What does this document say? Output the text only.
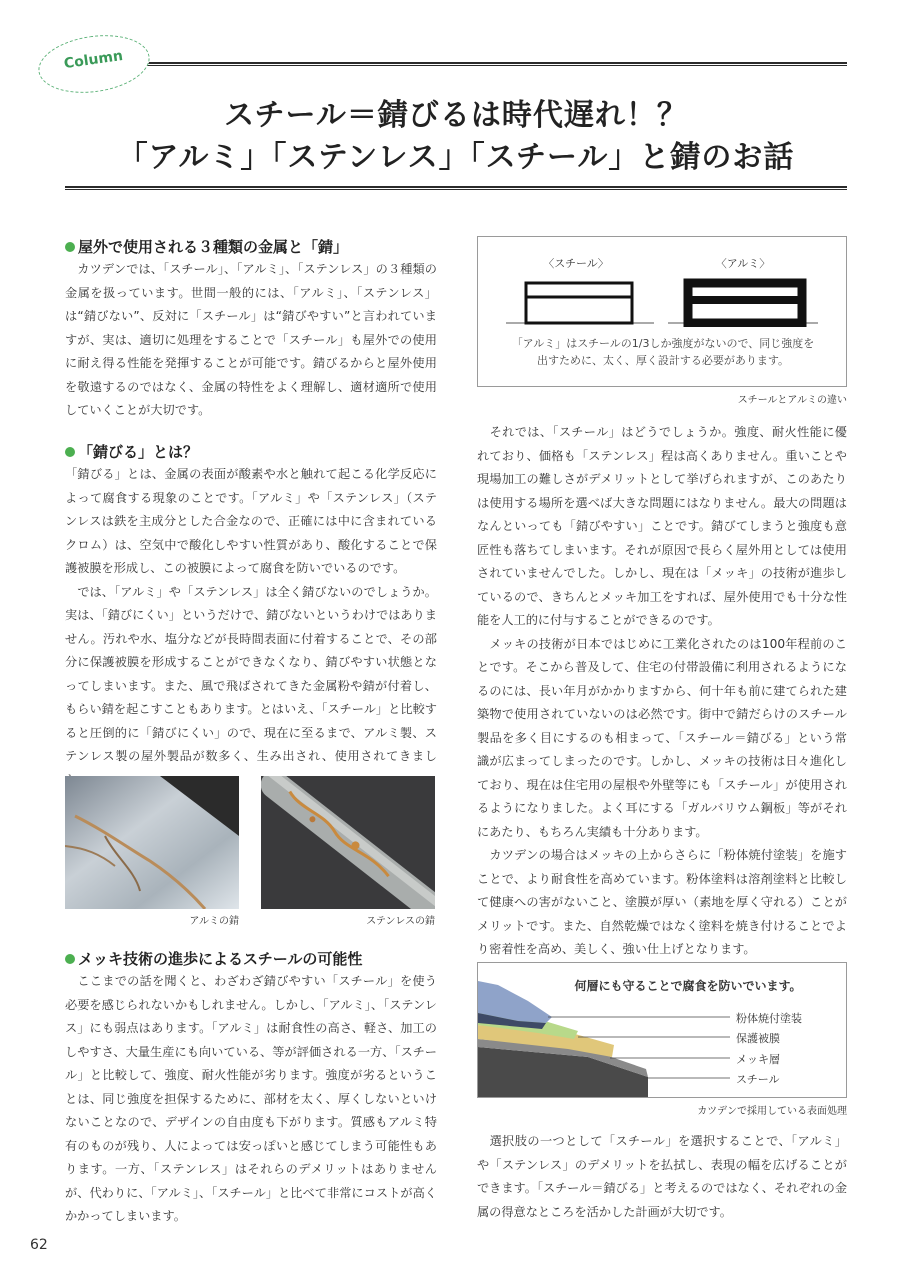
Column
スチール＝錆びるは時代遅れ！？
「アルミ」「ステンレス」「スチール」と錆のお話
屋外で使用される３種類の金属と「錆」

　カツデンでは、「スチール」、「アルミ」、「ステンレス」の３種類の金属を扱っています。世間一般的には、「アルミ」、「ステンレス」は“錆びない”、反対に「スチール」は“錆びやすい”と言われていますが、実は、適切に処理をすることで「スチール」も屋外での使用に耐え得る性能を発揮することが可能です。錆びるからと屋外使用を敬遠するのではなく、金属の特性をよく理解し、適材適所で使用していくことが大切です。

「錆びる」とは？

「錆びる」とは、金属の表面が酸素や水と触れて起こる化学反応によって腐食する現象のことです。「アルミ」や「ステンレス」（ステンレスは鉄を主成分とした合金なので、正確には中に含まれているクロム）は、空気中で酸化しやすい性質があり、酸化することで保護被膜を形成し、この被膜によって腐食を防いでいるのです。

　では、「アルミ」や「ステンレス」は全く錆びないのでしょうか。実は、「錆びにくい」というだけで、錆びないというわけではありません。汚れや水、塩分などが長時間表面に付着することで、その部分に保護被膜を形成することができなくなり、錆びやすい状態となってしまいます。また、風で飛ばされてきた金属粉や錆が付着し、もらい錆を起こすこともあります。とはいえ、「スチール」と比較すると圧倒的に「錆びにくい」ので、現在に至るまで、アルミ製、ステンレス製の屋外製品が数多く、生み出され、使用されてきまし

アルミの錆	ステンレスの錆
メッキ技術の進歩によるスチールの可能性

　ここまでの話を聞くと、わざわざ錆びやすい「スチール」を使う必要を感じられないかもしれません。しかし、「アルミ」、「ステンレス」にも弱点はあります。「アルミ」は耐食性の高さ、軽さ、加工のしやすさ、大量生産にも向いている、等が評価される一方、「スチール」と比較して、強度、耐火性能が劣ります。強度が劣るということは、同じ強度を担保するために、部材を太く、厚くしないといけないことなので、デザインの自由度も下がります。質感もアルミ特有のものが残り、人によっては安っぽいと感じてしまう可能性もあります。一方、「ステンレス」はそれらのデメリットはありませんが、代わりに、「アルミ」、「スチール」と比べて非常にコストが高くかかってしまいます。

〈スチール〉	〈アルミ〉
「アルミ」はスチールの1/3しか強度がないので、同じ強度を出すために、太く、厚く設計する必要があります。
スチールとアルミの違い

　それでは、「スチール」はどうでしょうか。強度、耐火性能に優れており、価格も「ステンレス」程は高くありません。重いことや現場加工の難しさがデメリットとして挙げられますが、このあたりは使用する場所を選べば大きな問題にはなりません。最大の問題はなんといっても「錆びやすい」ことです。錆びてしまうと強度も意匠性も落ちてしまいます。それが原因で長らく屋外用としては使用されていませんでした。しかし、現在は「メッキ」の技術が進歩しているので、きちんとメッキ加工をすれば、屋外使用でも十分な性能を人工的に付与することができるのです。

　メッキの技術が日本ではじめに工業化されたのは100年程前のことです。そこから普及して、住宅の付帯設備に利用されるようになるのには、長い年月がかかりますから、何十年も前に建てられた建築物で使用されていないのは必然です。街中で錆だらけのスチール製品を多く目にするのも相まって、「スチール＝錆びる」という常識が広まってしまったのです。しかし、メッキの技術は日々進化しており、現在は住宅用の屋根や外壁等にも「スチール」が使用されるようになりました。よく耳にする「ガルバリウム鋼板」等がそれにあたり、もちろん実績も十分あります。

　カツデンの場合はメッキの上からさらに「粉体焼付塗装」を施すことで、より耐食性を高めています。粉体塗料は溶剤塗料と比較して健康への害がないこと、塗膜が厚い（素地を厚く守れる）ことがメリットです。また、自然乾燥ではなく塗料を焼き付けることでより密着性を高め、美しく、強い仕上げとなります。

何層にも守ることで腐食を防いでいます。
粉体焼付塗装
保護被膜
メッキ層
スチール
カツデンで採用している表面処理

　選択肢の一つとして「スチール」を選択することで、「アルミ」や「ステンレス」のデメリットを払拭し、表現の幅を広げることができます。「スチール＝錆びる」と考えるのではなく、それぞれの金属の得意なところを活かした計画が大切です。

62
